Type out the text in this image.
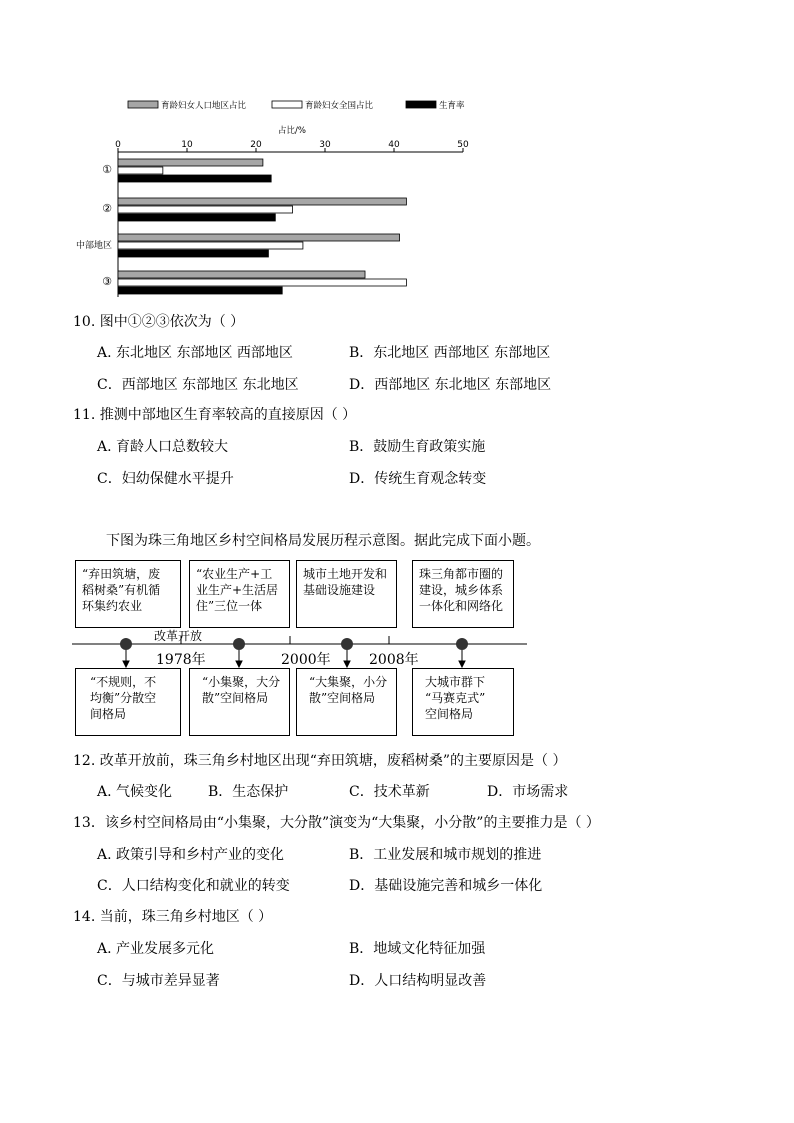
育龄妇女人口地区占比	育龄妇女全国占比	生育率
占比/%
0	10	20	30	40	50
①
②
中部地区
③
10. 图中①②③依次为（ ）
A. 东北地区 东部地区 西部地区	B．东北地区 西部地区 东部地区
C．西部地区 东部地区 东北地区	D．西部地区 东北地区 东部地区
11. 推测中部地区生育率较高的直接原因（ ）
A. 育龄人口总数较大	B．鼓励生育政策实施
C．妇幼保健水平提升	D．传统生育观念转变
下图为珠三角地区乡村空间格局发展历程示意图。据此完成下面小题。
“弃田筑塘，废
稻树桑”有机循
环集约农业
“农业生产+工
业生产+生活居
住”三位一体
城市土地开发和
基础设施建设
珠三角都市圈的
建设，城乡体系
一体化和网络化
改革开放
1978年	2000年	2008年
“不规则，不
均衡”分散空
间格局
“小集聚，大分
散”空间格局
“大集聚，小分
散”空间格局
大城市群下
“马赛克式”
空间格局
12. 改革开放前，珠三角乡村地区出现“弃田筑塘，废稻树桑”的主要原因是（ ）
A. 气候变化	B．生态保护	C．技术革新	D．市场需求
13．该乡村空间格局由“小集聚，大分散”演变为“大集聚，小分散”的主要推力是（ ）
A. 政策引导和乡村产业的变化	B．工业发展和城市规划的推进
C．人口结构变化和就业的转变	D．基础设施完善和城乡一体化
14. 当前，珠三角乡村地区（ ）
A. 产业发展多元化	B．地域文化特征加强
C．与城市差异显著	D．人口结构明显改善
